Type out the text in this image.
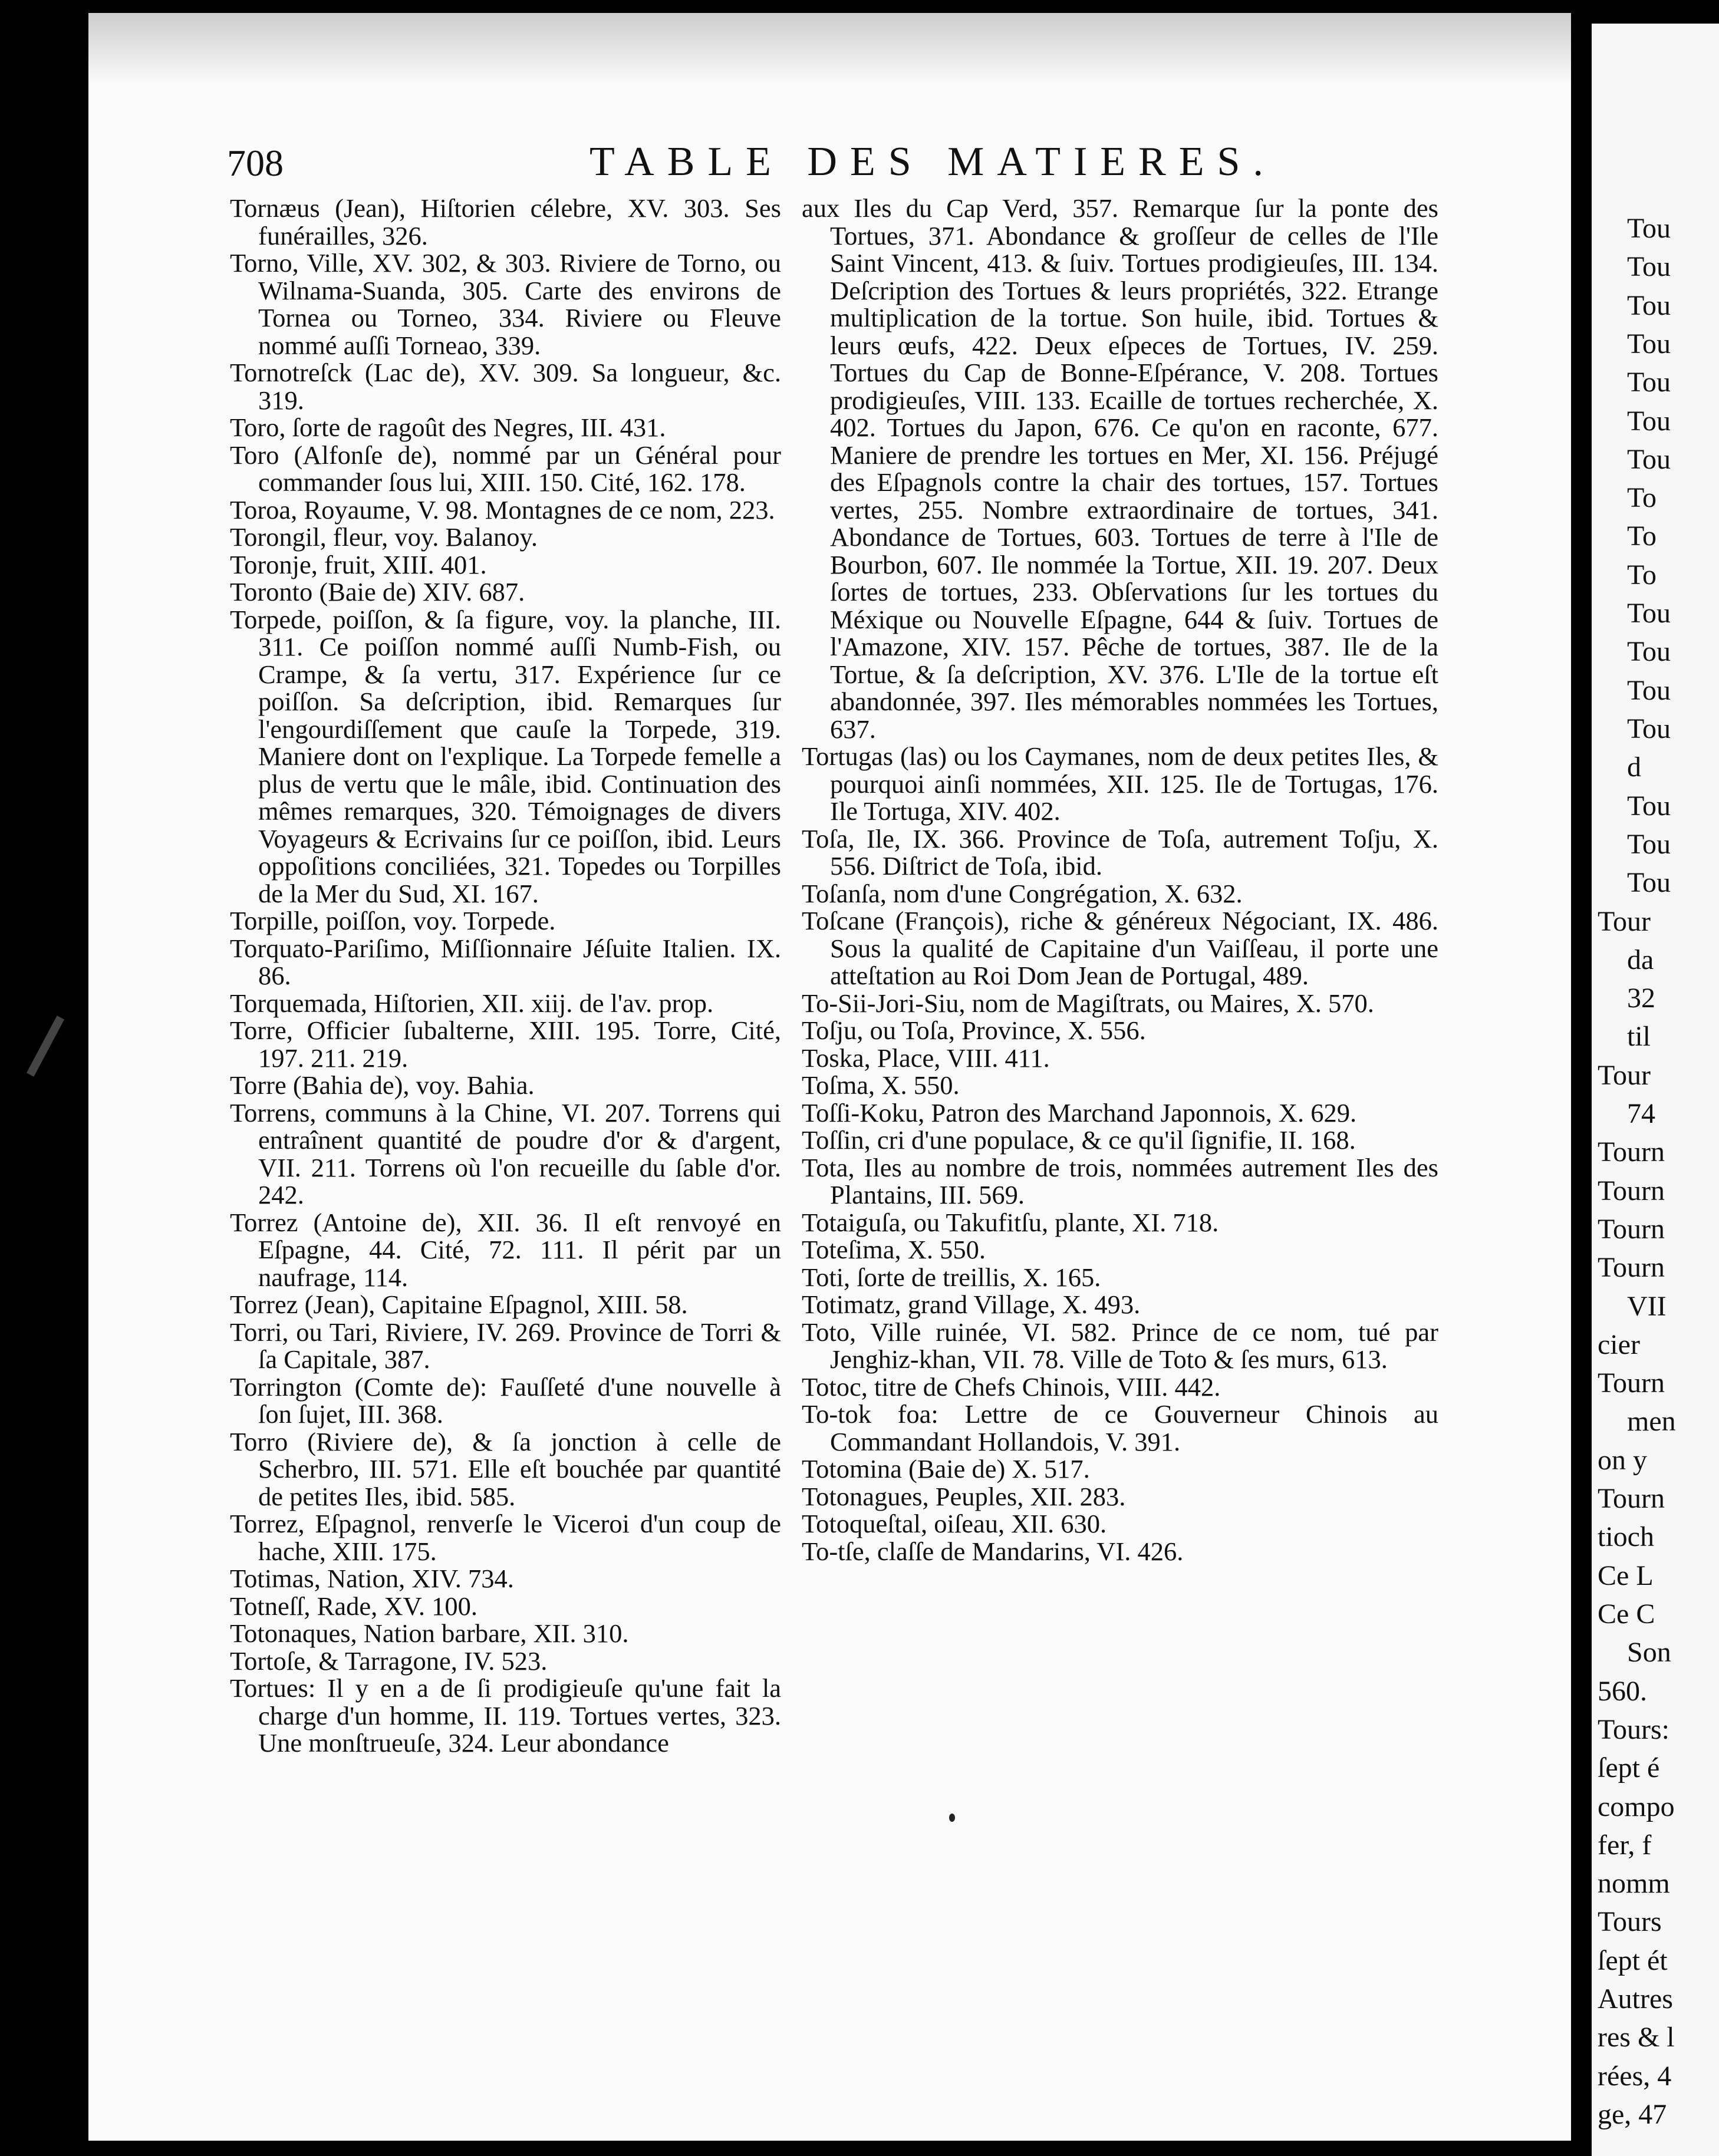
708	TABLE DES MATIERES.

Tornæus (Jean), Hiſtorien célebre, XV. 303. Ses funérailles, 326.

Torno, Ville, XV. 302, & 303. Riviere de Torno, ou Wilnama-Suanda, 305. Carte des environs de Tornea ou Torneo, 334. Riviere ou Fleuve nommé auſſi Torneao, 339.

Tornotreſck (Lac de), XV. 309. Sa longueur, &c. 319.

Toro, ſorte de ragoût des Negres, III. 431.

Toro (Alfonſe de), nommé par un Général pour commander ſous lui, XIII. 150. Cité, 162. 178.

Toroa, Royaume, V. 98. Montagnes de ce nom, 223.

Torongil, fleur, voy. Balanoy.

Toronje, fruit, XIII. 401.

Toronto (Baie de) XIV. 687.

Torpede, poiſſon, & ſa figure, voy. la planche, III. 311. Ce poiſſon nommé auſſi Numb-Fish, ou Crampe, & ſa vertu, 317. Expérience ſur ce poiſſon. Sa deſcription, ibid. Remarques ſur l'engourdiſſement que cauſe la Torpede, 319. Maniere dont on l'explique. La Torpede femelle a plus de vertu que le mâle, ibid. Continuation des mêmes remarques, 320. Témoignages de divers Voyageurs & Ecrivains ſur ce poiſſon, ibid. Leurs oppoſitions conciliées, 321. Topedes ou Torpilles de la Mer du Sud, XI. 167.

Torpille, poiſſon, voy. Torpede.

Torquato-Pariſimo, Miſſionnaire Jéſuite Italien. IX. 86.

Torquemada, Hiſtorien, XII. xiij. de l'av. prop.

Torre, Officier ſubalterne, XIII. 195. Torre, Cité, 197. 211. 219.

Torre (Bahia de), voy. Bahia.

Torrens, communs à la Chine, VI. 207. Torrens qui entraînent quantité de poudre d'or & d'argent, VII. 211. Torrens où l'on recueille du ſable d'or. 242.

Torrez (Antoine de), XII. 36. Il eſt renvoyé en Eſpagne, 44. Cité, 72. 111. Il périt par un naufrage, 114.

Torrez (Jean), Capitaine Eſpagnol, XIII. 58.

Torri, ou Tari, Riviere, IV. 269. Province de Torri & ſa Capitale, 387.

Torrington (Comte de): Fauſſeté d'une nouvelle à ſon ſujet, III. 368.

Torro (Riviere de), & ſa jonction à celle de Scherbro, III. 571. Elle eſt bouchée par quantité de petites Iles, ibid. 585.

Torrez, Eſpagnol, renverſe le Viceroi d'un coup de hache, XIII. 175.

Totimas, Nation, XIV. 734.

Totneſſ, Rade, XV. 100.

Totonaques, Nation barbare, XII. 310.

Tortoſe, & Tarragone, IV. 523.

Tortues: Il y en a de ſi prodigieuſe qu'une fait la charge d'un homme, II. 119. Tortues vertes, 323. Une monſtrueuſe, 324. Leur abondance

aux Iles du Cap Verd, 357. Remarque ſur la ponte des Tortues, 371. Abondance & groſſeur de celles de l'Ile Saint Vincent, 413. & ſuiv. Tortues prodigieuſes, III. 134. Deſcription des Tortues & leurs propriétés, 322. Etrange multiplication de la tortue. Son huile, ibid. Tortues & leurs œufs, 422. Deux eſpeces de Tortues, IV. 259. Tortues du Cap de Bonne-Eſpérance, V. 208. Tortues prodigieuſes, VIII. 133. Ecaille de tortues recherchée, X. 402. Tortues du Japon, 676. Ce qu'on en raconte, 677. Maniere de prendre les tortues en Mer, XI. 156. Préjugé des Eſpagnols contre la chair des tortues, 157. Tortues vertes, 255. Nombre extraordinaire de tortues, 341. Abondance de Tortues, 603. Tortues de terre à l'Ile de Bourbon, 607. Ile nommée la Tortue, XII. 19. 207. Deux ſortes de tortues, 233. Obſervations ſur les tortues du Méxique ou Nouvelle Eſpagne, 644 & ſuiv. Tortues de l'Amazone, XIV. 157. Pêche de tortues, 387. Ile de la Tortue, & ſa deſcription, XV. 376. L'Ile de la tortue eſt abandonnée, 397. Iles mémorables nommées les Tortues, 637.

Tortugas (las) ou los Caymanes, nom de deux petites Iles, & pourquoi ainſi nommées, XII. 125. Ile de Tortugas, 176. Ile Tortuga, XIV. 402.

Toſa, Ile, IX. 366. Province de Toſa, autrement Toſju, X. 556. Diſtrict de Toſa, ibid.

Toſanſa, nom d'une Congrégation, X. 632.

Toſcane (François), riche & généreux Négociant, IX. 486. Sous la qualité de Capitaine d'un Vaiſſeau, il porte une atteſtation au Roi Dom Jean de Portugal, 489.

To-Sii-Jori-Siu, nom de Magiſtrats, ou Maires, X. 570.

Toſju, ou Toſa, Province, X. 556.

Toska, Place, VIII. 411.

Toſma, X. 550.

Toſſi-Koku, Patron des Marchand Japonnois, X. 629.

Toſſin, cri d'une populace, & ce qu'il ſignifie, II. 168.

Tota, Iles au nombre de trois, nommées autrement Iles des Plantains, III. 569.

Totaiguſa, ou Takufitſu, plante, XI. 718.

Toteſima, X. 550.

Toti, ſorte de treillis, X. 165.

Totimatz, grand Village, X. 493.

Toto, Ville ruinée, VI. 582. Prince de ce nom, tué par Jenghiz-khan, VII. 78. Ville de Toto & ſes murs, 613.

Totoc, titre de Chefs Chinois, VIII. 442.

To-tok foa: Lettre de ce Gouverneur Chinois au Commandant Hollandois, V. 391.

Totomina (Baie de) X. 517.

Totonagues, Peuples, XII. 283.

Totoqueſtal, oiſeau, XII. 630.

To-tſe, claſſe de Mandarins, VI. 426.

Tou
Tou
Tou
Tou
Tou
Tou
Tou
To
To
To
Tou
Tou
Tou
Tou
d
Tou
Tou
Tou
Tour
da
32
til
Tour
74
Tourn
Tourn
Tourn
Tourn
VII
cier
Tourn
men
on y
Tourn
tioch
Ce L
Ce C
Son
560.
Tours:
ſept é
compo
fer, f
nomm
Tours
ſept ét
Autres
res & l
rées, 4
ge, 47
